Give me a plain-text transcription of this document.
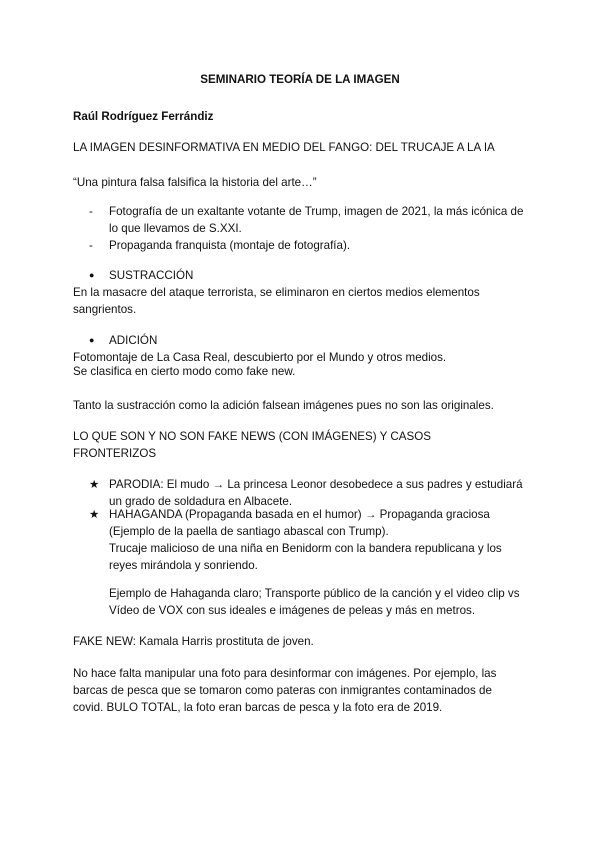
SEMINARIO TEORÍA DE LA IMAGEN

Raúl Rodríguez Ferrándiz

LA IMAGEN DESINFORMATIVA EN MEDIO DEL FANGO: DEL TRUCAJE A LA IA

“Una pintura falsa falsifica la historia del arte…”

- Fotografía de un exaltante votante de Trump, imagen de 2021, la más icónica de lo que llevamos de S.XXI.

- Propaganda franquista (montaje de fotografía).

● SUSTRACCIÓN

En la masacre del ataque terrorista, se eliminaron en ciertos medios elementos sangrientos.

● ADICIÓN

Fotomontaje de La Casa Real, descubierto por el Mundo y otros medios.

Se clasifica en cierto modo como fake new.

Tanto la sustracción como la adición falsean imágenes pues no son las originales.

LO QUE SON Y NO SON FAKE NEWS (CON IMÁGENES) Y CASOS FRONTERIZOS

★ PARODIA: El mudo → La princesa Leonor desobedece a sus padres y estudiará un grado de soldadura en Albacete.

★ HAHAGANDA (Propaganda basada en el humor) → Propaganda graciosa (Ejemplo de la paella de santiago abascal con Trump).

Trucaje malicioso de una niña en Benidorm con la bandera republicana y los reyes mirándola y sonriendo.

Ejemplo de Hahaganda claro; Transporte público de la canción y el video clip vs Vídeo de VOX con sus ideales e imágenes de peleas y más en metros.

FAKE NEW: Kamala Harris prostituta de joven.

No hace falta manipular una foto para desinformar con imágenes. Por ejemplo, las barcas de pesca que se tomaron como pateras con inmigrantes contaminados de covid. BULO TOTAL, la foto eran barcas de pesca y la foto era de 2019.
